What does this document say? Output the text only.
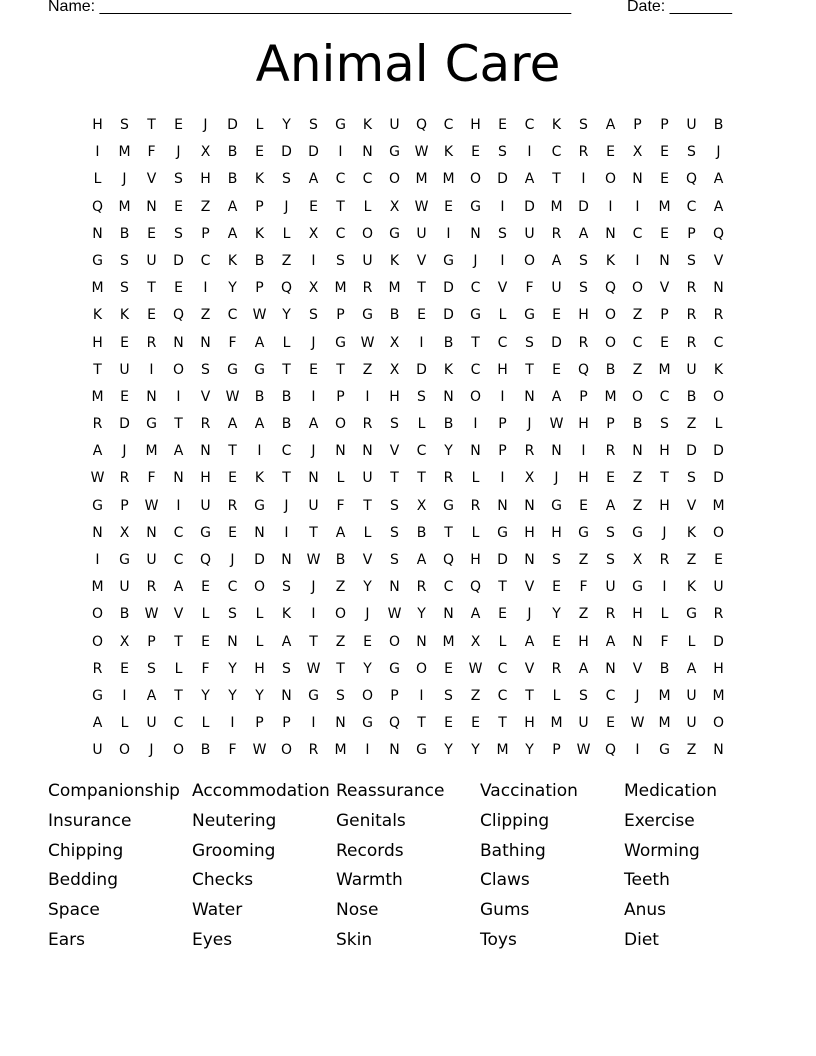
Name: _____________________________________________________	Date: _______
Animal Care
H	S	T	E	J	D	L	Y	S	G	K	U	Q	C	H	E	C	K	S	A	P	P	U	B
I	M	F	J	X	B	E	D	D	I	N	G	W	K	E	S	I	C	R	E	X	E	S	J
L	J	V	S	H	B	K	S	A	C	C	O	M	M	O	D	A	T	I	O	N	E	Q	A
Q	M	N	E	Z	A	P	J	E	T	L	X	W	E	G	I	D	M	D	I	I	M	C	A
N	B	E	S	P	A	K	L	X	C	O	G	U	I	N	S	U	R	A	N	C	E	P	Q
G	S	U	D	C	K	B	Z	I	S	U	K	V	G	J	I	O	A	S	K	I	N	S	V
M	S	T	E	I	Y	P	Q	X	M	R	M	T	D	C	V	F	U	S	Q	O	V	R	N
K	K	E	Q	Z	C	W	Y	S	P	G	B	E	D	G	L	G	E	H	O	Z	P	R	R
H	E	R	N	N	F	A	L	J	G	W	X	I	B	T	C	S	D	R	O	C	E	R	C
T	U	I	O	S	G	G	T	E	T	Z	X	D	K	C	H	T	E	Q	B	Z	M	U	K
M	E	N	I	V	W	B	B	I	P	I	H	S	N	O	I	N	A	P	M	O	C	B	O
R	D	G	T	R	A	A	B	A	O	R	S	L	B	I	P	J	W	H	P	B	S	Z	L
A	J	M	A	N	T	I	C	J	N	N	V	C	Y	N	P	R	N	I	R	N	H	D	D
W	R	F	N	H	E	K	T	N	L	U	T	T	R	L	I	X	J	H	E	Z	T	S	D
G	P	W	I	U	R	G	J	U	F	T	S	X	G	R	N	N	G	E	A	Z	H	V	M
N	X	N	C	G	E	N	I	T	A	L	S	B	T	L	G	H	H	G	S	G	J	K	O
I	G	U	C	Q	J	D	N	W	B	V	S	A	Q	H	D	N	S	Z	S	X	R	Z	E
M	U	R	A	E	C	O	S	J	Z	Y	N	R	C	Q	T	V	E	F	U	G	I	K	U
O	B	W	V	L	S	L	K	I	O	J	W	Y	N	A	E	J	Y	Z	R	H	L	G	R
O	X	P	T	E	N	L	A	T	Z	E	O	N	M	X	L	A	E	H	A	N	F	L	D
R	E	S	L	F	Y	H	S	W	T	Y	G	O	E	W	C	V	R	A	N	V	B	A	H
G	I	A	T	Y	Y	Y	N	G	S	O	P	I	S	Z	C	T	L	S	C	J	M	U	M
A	L	U	C	L	I	P	P	I	N	G	Q	T	E	E	T	H	M	U	E	W	M	U	O
U	O	J	O	B	F	W	O	R	M	I	N	G	Y	Y	M	Y	P	W	Q	I	G	Z	N
Companionship Accommodation Reassurance	Vaccination	Medication
Insurance	Neutering	Genitals	Clipping	Exercise
Chipping	Grooming	Records	Bathing	Worming
Bedding	Checks	Warmth	Claws	Teeth
Space	Water	Nose	Gums	Anus
Ears	Eyes	Skin	Toys	Diet
